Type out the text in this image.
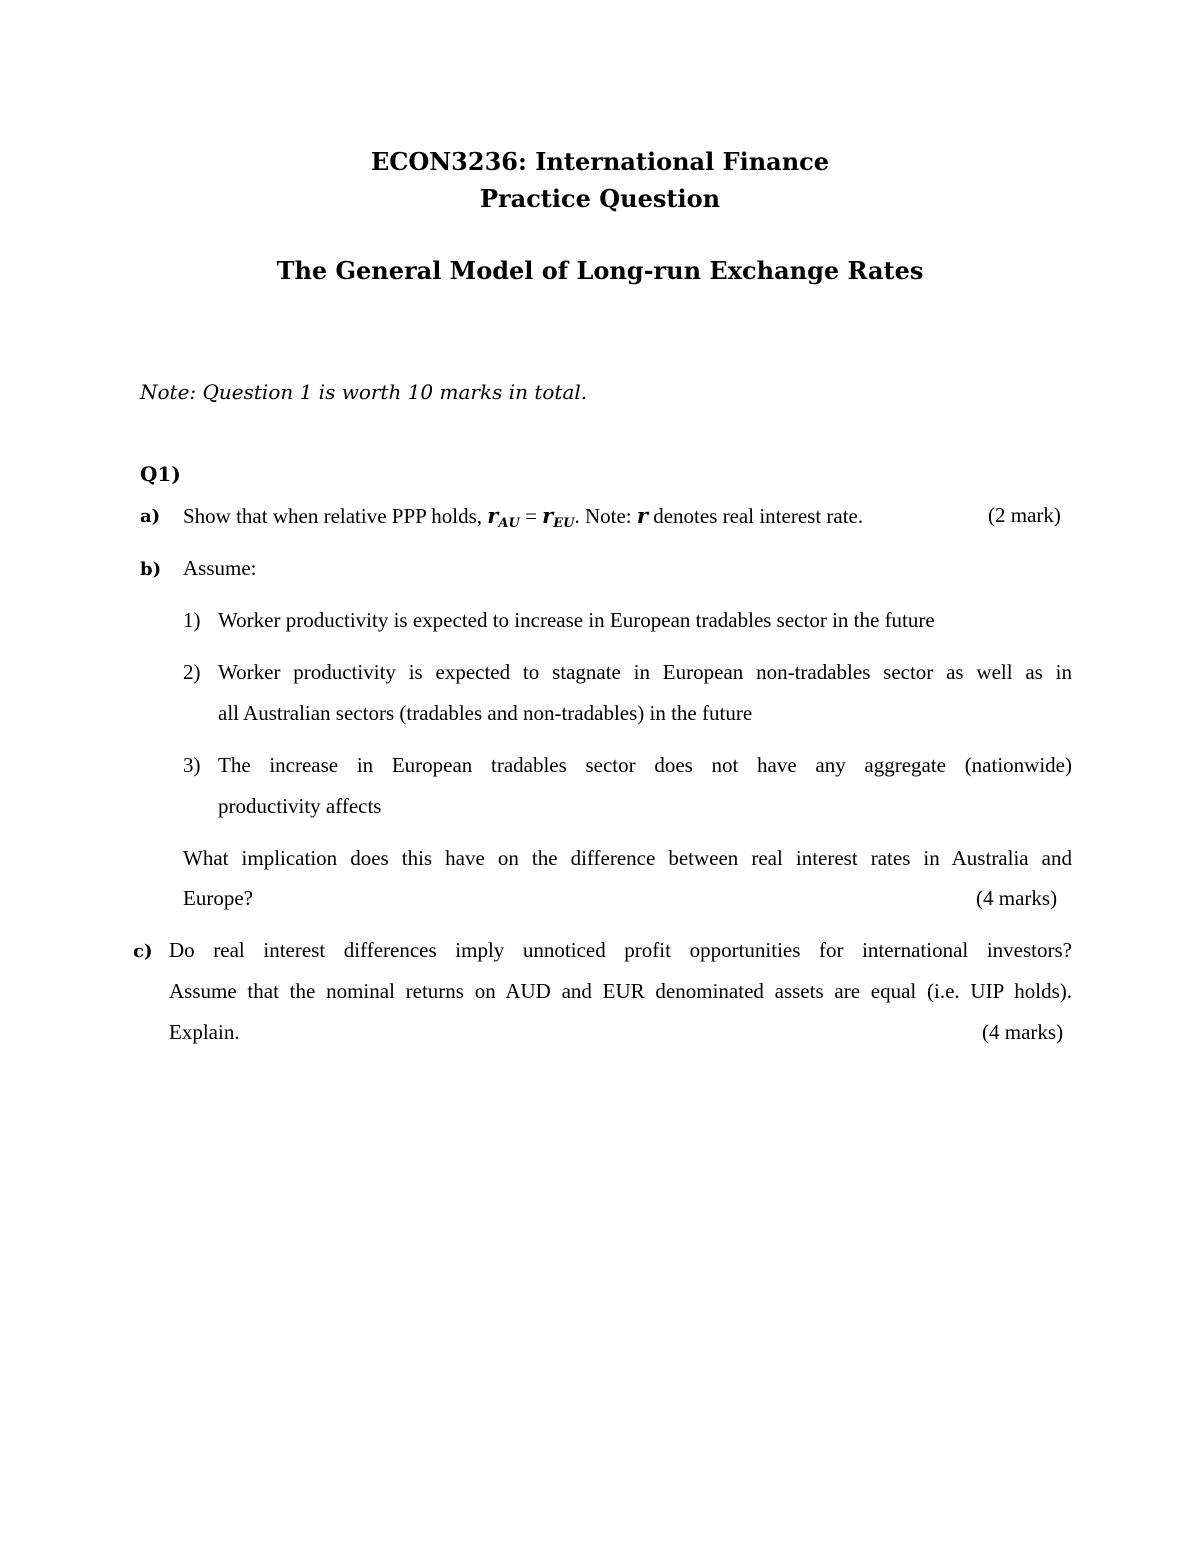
ECON3236: International Finance
Practice Question
The General Model of Long-run Exchange Rates
Note: Question 1 is worth 10 marks in total.
Q1)
a) Show that when relative PPP holds, $r_{AU} = r_{EU}$. Note: r denotes real interest rate.	(2 mark)
b) Assume:
1) Worker productivity is expected to increase in European tradables sector in the future
2) Worker productivity is expected to stagnate in European non-tradables sector as well as in
all Australian sectors (tradables and non-tradables) in the future
3) The increase in European tradables sector does not have any aggregate (nationwide)
productivity affects
What implication does this have on the difference between real interest rates in Australia and
Europe?	(4 marks)
c) Do real interest differences imply unnoticed profit opportunities for international investors?
Assume that the nominal returns on AUD and EUR denominated assets are equal (i.e. UIP holds).
Explain.	(4 marks)
